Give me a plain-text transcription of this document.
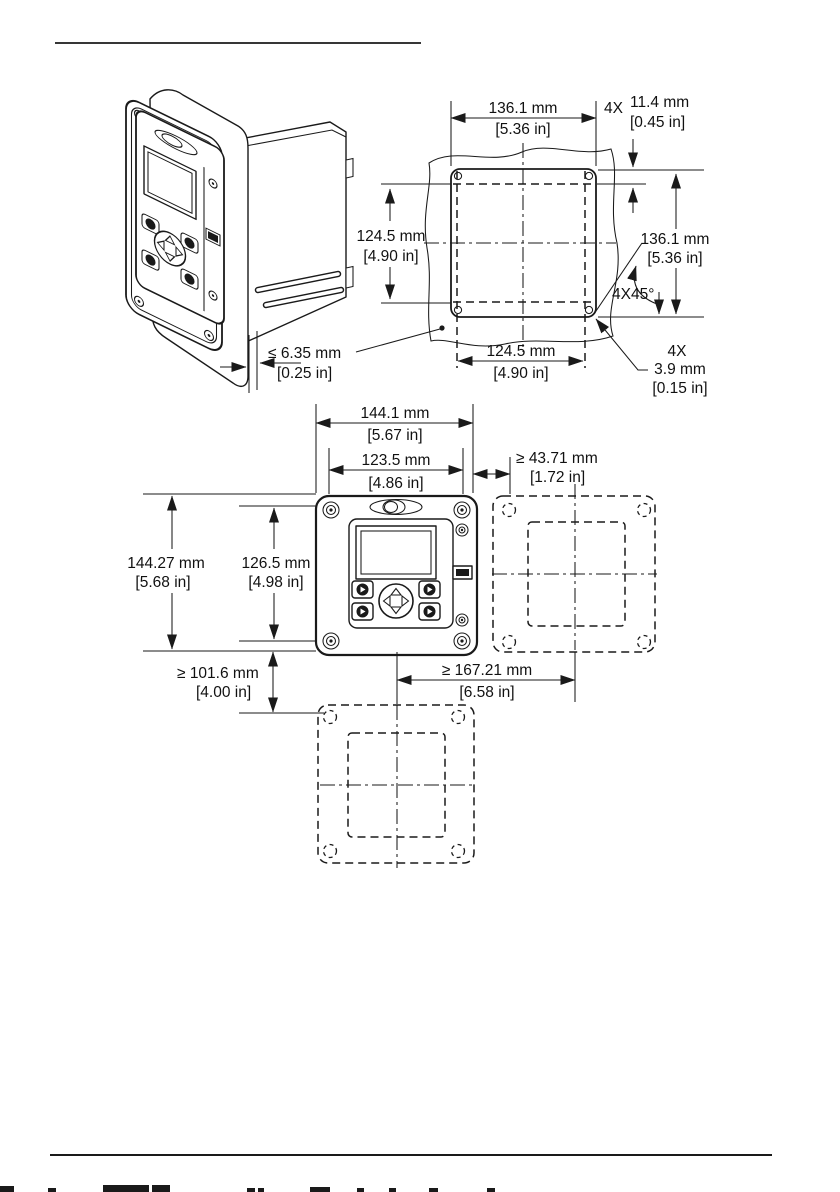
≤ 6.35 mm
[0.25 in]
136.1 mm
[5.36 in]
4X 11.4 mm
[0.45 in]
136.1 mm
[5.36 in]
4X45°
124.5 mm
[4.90 in]
124.5 mm
[4.90 in]
4X
3.9 mm
[0.15 in]
144.1 mm
[5.67 in]
123.5 mm
[4.86 in]
≥ 43.71 mm
[1.72 in]
144.27 mm
[5.68 in]
126.5 mm
[4.98 in]
≥ 101.6 mm
[4.00 in]
≥ 167.21 mm
[6.58 in]
